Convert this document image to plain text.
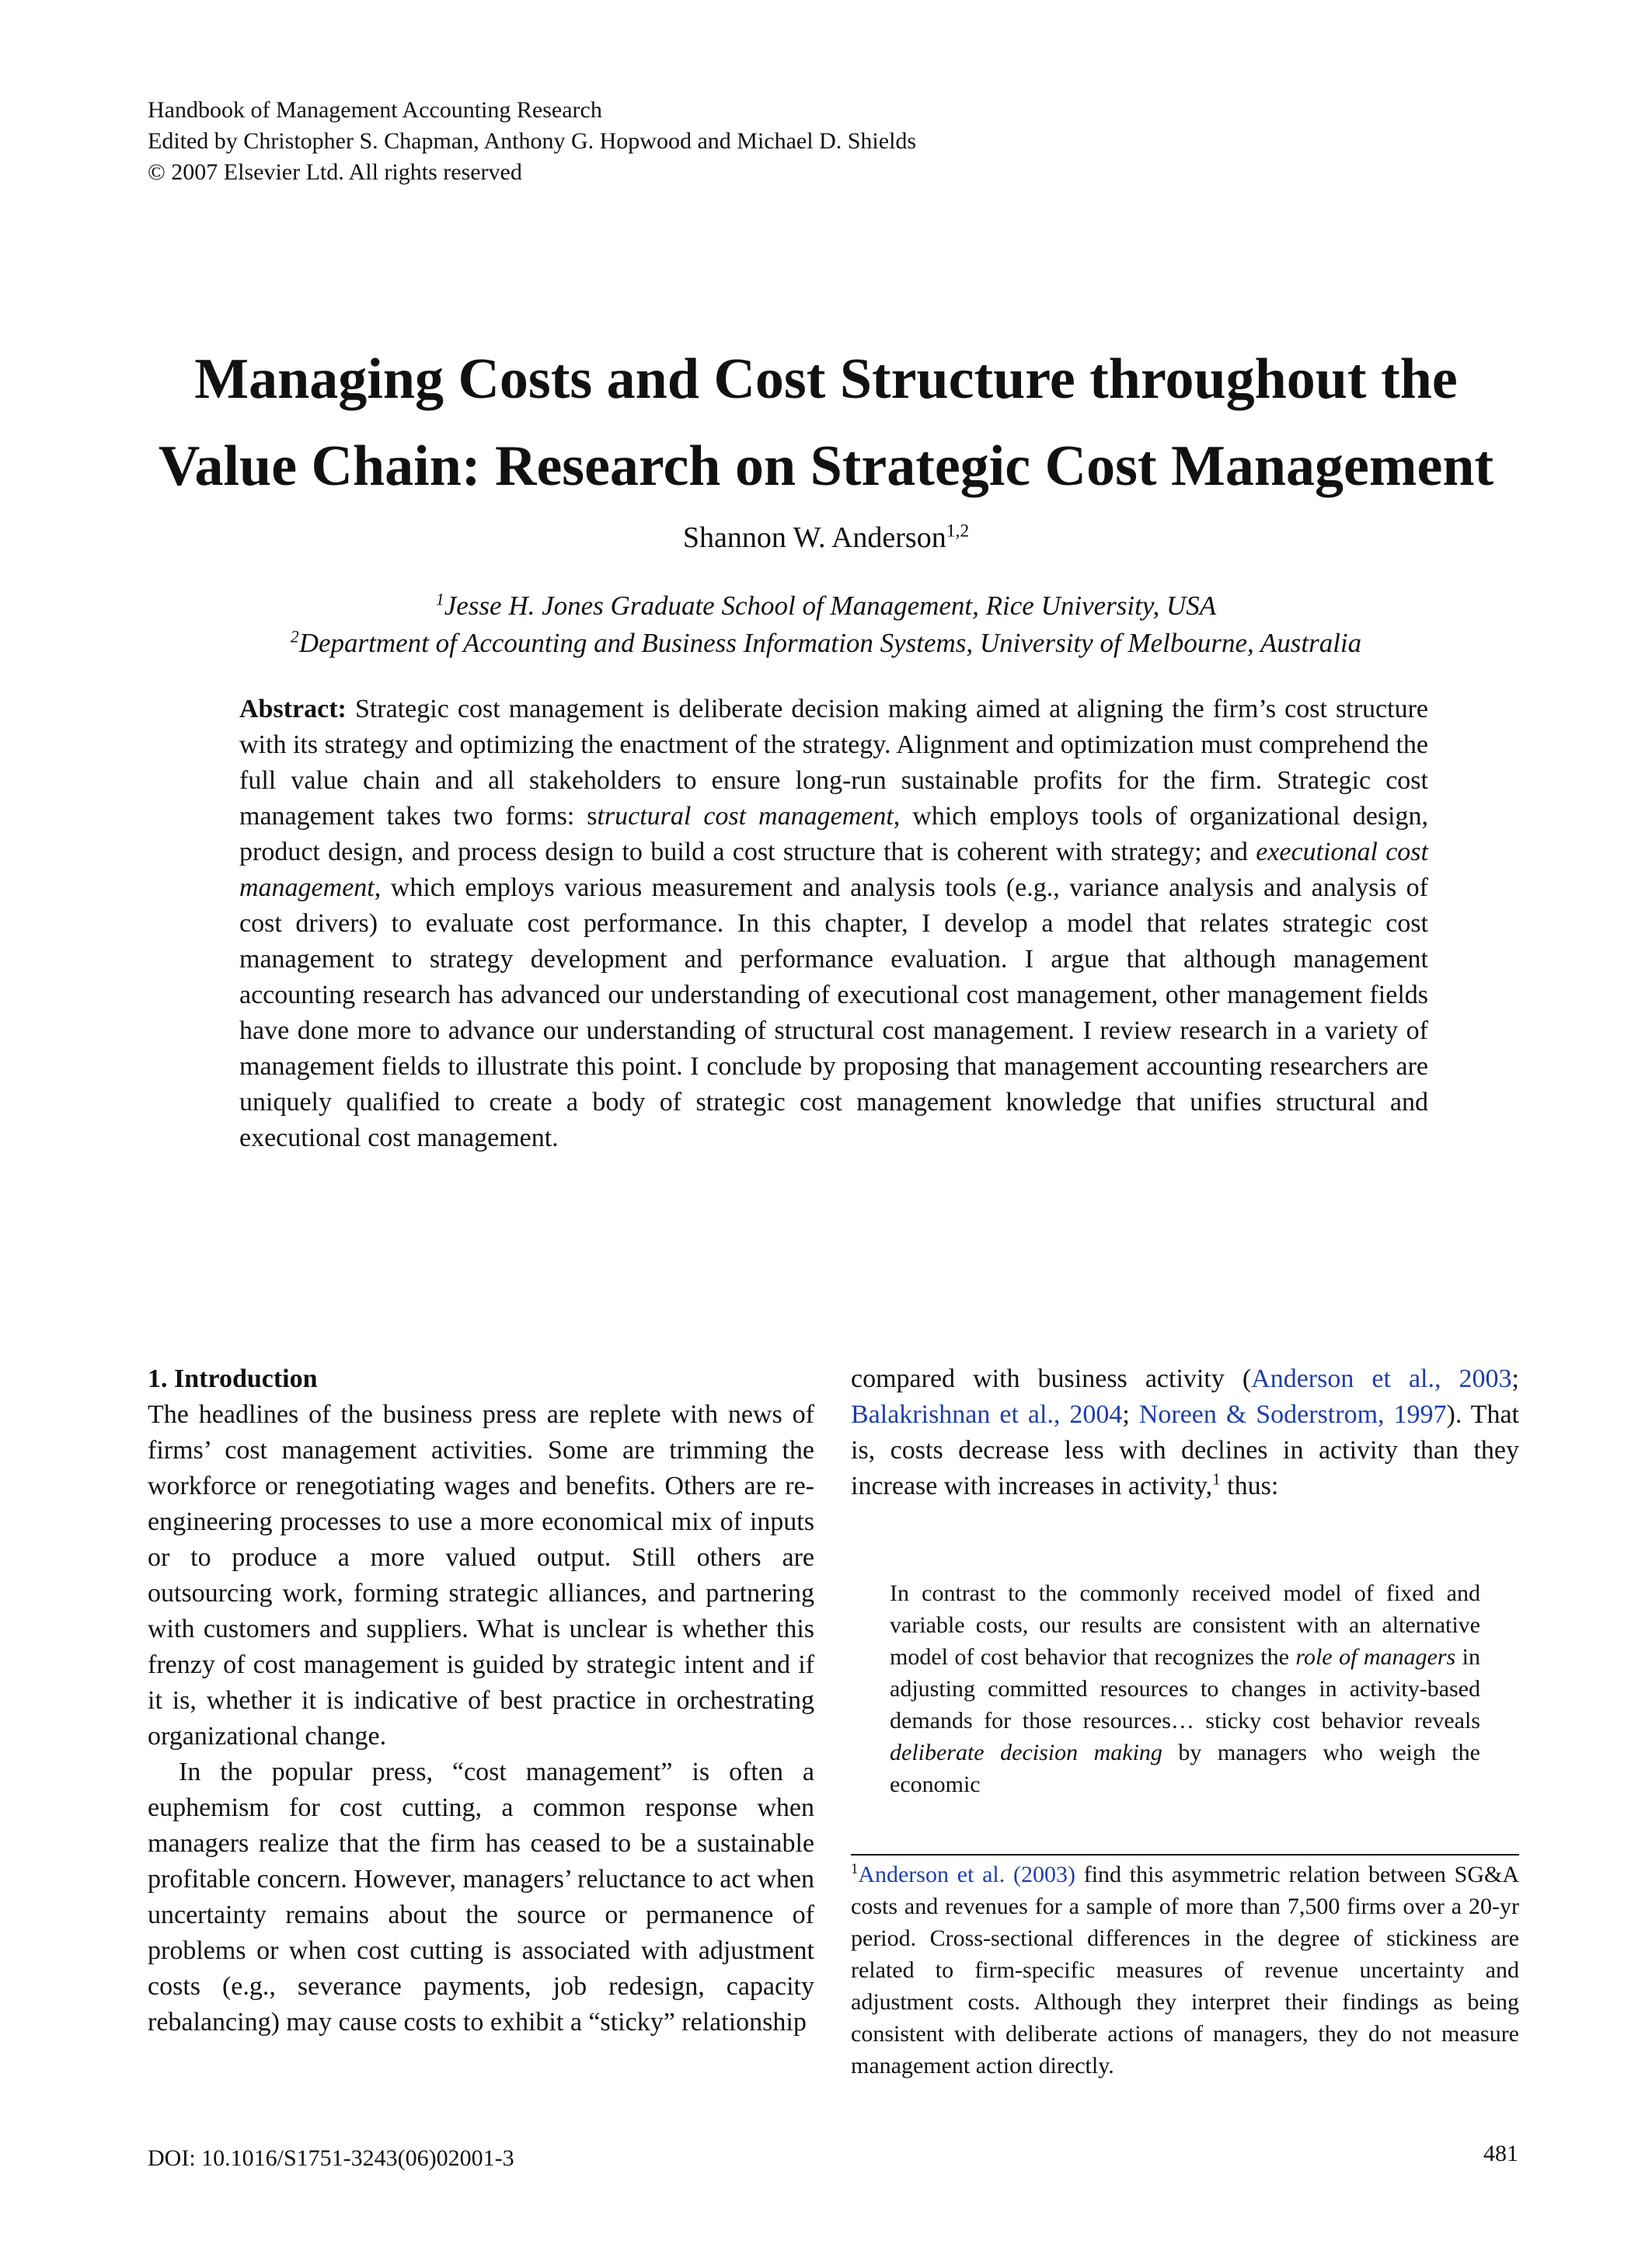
Handbook of Management Accounting Research
Edited by Christopher S. Chapman, Anthony G. Hopwood and Michael D. Shields
© 2007 Elsevier Ltd. All rights reserved
Managing Costs and Cost Structure throughout the
Value Chain: Research on Strategic Cost Management
Shannon W. Anderson$^{1,2}$
$^1$Jesse H. Jones Graduate School of Management, Rice University, USA
$^2$Department of Accounting and Business Information Systems, University of Melbourne, Australia
Abstract: Strategic cost management is deliberate decision making aimed at aligning the firm’s cost structure with its strategy and optimizing the enactment of the strategy. Alignment and optimization must comprehend the full value chain and all stakeholders to ensure long-run sustainable profits for the firm. Strategic cost management takes two forms: structural cost management, which employs tools of organizational design, product design, and process design to build a cost structure that is coherent with strategy; and executional cost management, which employs various measurement and analysis tools (e.g., variance analysis and analysis of cost drivers) to evaluate cost performance. In this chapter, I develop a model that relates strategic cost management to strategy development and performance evaluation. I argue that although management accounting research has advanced our understanding of executional cost management, other management fields have done more to advance our understanding of structural cost management. I review research in a variety of management fields to illustrate this point. I conclude by proposing that management accounting researchers are uniquely qualified to create a body of strategic cost management knowledge that unifies structural and executional cost management.
1. Introduction

The headlines of the business press are replete with news of firms’ cost management activities. Some are trimming the workforce or renegotiating wages and benefits. Others are re-engineering processes to use a more economical mix of inputs or to produce a more valued output. Still others are outsourcing work, forming strategic alliances, and partnering with customers and suppliers. What is unclear is whether this frenzy of cost management is guided by strategic intent and if it is, whether it is indicative of best practice in orchestrating organizational change.

In the popular press, “cost management” is often a euphemism for cost cutting, a common response when managers realize that the firm has ceased to be a sustainable profitable concern. However, managers’ reluctance to act when uncertainty remains about the source or permanence of problems or when cost cutting is associated with adjustment costs (e.g., severance payments, job redesign, capacity rebalancing) may cause costs to exhibit a “sticky” relationship

compared with business activity (Anderson et al., 2003; Balakrishnan et al., 2004; Noreen & Soderstrom, 1997). That is, costs decrease less with declines in activity than they increase with increases in activity,$^1$ thus:

In contrast to the commonly received model of fixed and variable costs, our results are consistent with an alternative model of cost behavior that recognizes the role of managers in adjusting committed resources to changes in activity-based demands for those resources… sticky cost behavior reveals deliberate decision making by managers who weigh the economic
$^1$Anderson et al. (2003) find this asymmetric relation between SG&A costs and revenues for a sample of more than 7,500 firms over a 20-yr period. Cross-sectional differences in the degree of stickiness are related to firm-specific measures of revenue uncertainty and adjustment costs. Although they interpret their findings as being consistent with deliberate actions of managers, they do not measure management action directly.
DOI: 10.1016/S1751-3243(06)02001-3	481
